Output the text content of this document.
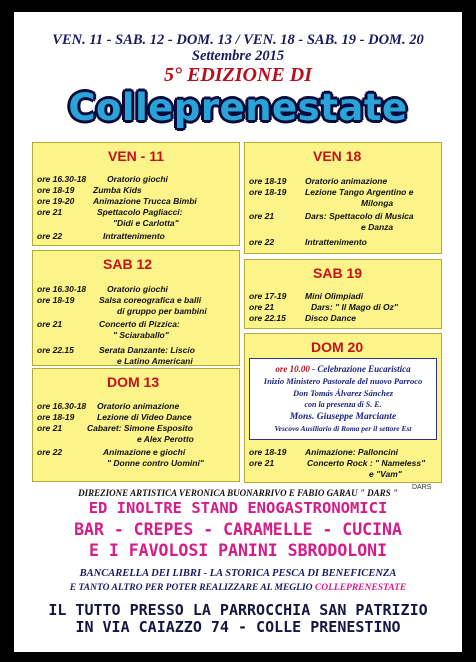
VEN. 11 - SAB. 12 - DOM. 13 / VEN. 18 - SAB. 19 - DOM. 20
Settembre 2015
5° EDIZIONE DI
Colleprenestate
VEN - 11
ore 16.30-18 Oratorio giochi
ore 18-19 Zumba Kids
ore 19-20 Animazione Trucca Bimbi
ore 21	Spettacolo Pagliacci:
"Didi e Carlotta"
ore 22	Intrattenimento
VEN 18
ore 18-19 Oratorio animazione
ore 18-19 Lezione Tango Argentino e
Milonga
ore 21	Dars: Spettacolo di Musica
e Danza
ore 22	Intrattenimento
SAB 12
ore 16.30-18 Oratorio giochi
ore 18-19	Salsa coreografica e balli
di gruppo per bambini
ore 21	Concerto di Pizzica:
" Sciaraballo"
ore 22.15	Serata Danzante: Liscio
e Latino Americani
SAB 19
ore 17-19 Mini Olimpiadi
ore 21	Dars: " Il Mago di Oz"
ore 22.15 Disco Dance
DOM 20
ore 10.00 - Celebrazione Eucaristica
Inizio Ministero Pastorale del nuovo Parroco
Don Tomás Álvarez Sánchez
con la presenza di S. E.
Mons. Giuseppe Marciante
Vescovo Ausiliario di Roma per il settore Est
ore 18-19 Animazione: Palloncini
ore 21	Concerto Rock : " Nameless"
e "Vam"
DOM 13
ore 16.30-18 Oratorio animazione
ore 18-19	Lezione di Video Dance
ore 21	Cabaret: Simone Esposito
e Alex Perotto
ore 22	Animazione e giochi
" Donne contro Uomini"
DIREZIONE ARTISTICA VERONICA BUONARRIVO E FABIO GARAU " DARS "
DARS
ED INOLTRE STAND ENOGASTRONOMICI
BAR - CREPES - CARAMELLE - CUCINA
E I FAVOLOSI PANINI SBRODOLONI
BANCARELLA DEI LIBRI - LA STORICA PESCA DI BENEFICENZA
E TANTO ALTRO PER POTER REALIZZARE AL MEGLIO COLLEPRENESTATE
IL TUTTO PRESSO LA PARROCCHIA SAN PATRIZIO
IN VIA CAIAZZO 74 - COLLE PRENESTINO
